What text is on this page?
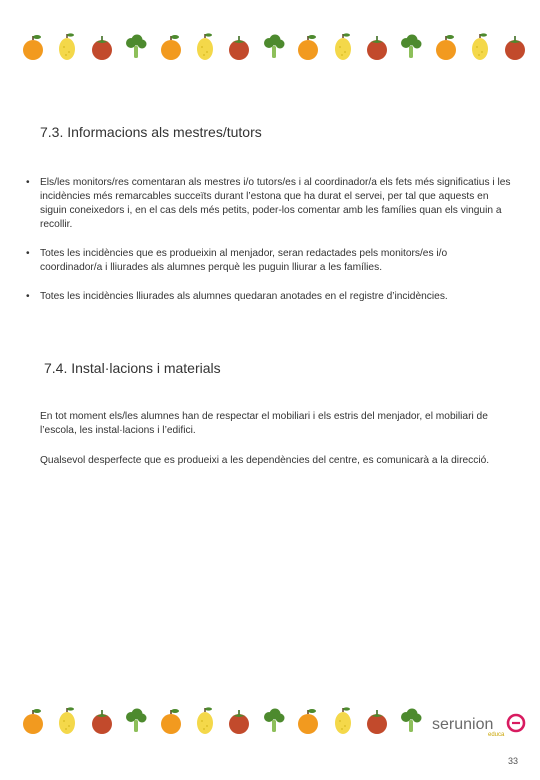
7.3. Informacions als mestres/tutors
• Els/les monitors/res comentaran als mestres i/o tutors/es i al coordinador/a els fets més significatius i les incidències més remarcables succeïts durant l’estona que ha durat el servei, per tal que aquests en siguin coneixedors i, en el cas dels més petits, poder-los comentar amb les famílies quan els vinguin a recollir.
• Totes les incidències que es produeixin al menjador, seran redactades pels monitors/es i/o coordinador/a i lliurades als alumnes perquè les puguin lliurar a les famílies.
• Totes les incidències lliurades als alumnes quedaran anotades en el registre d’incidències.
7.4. Instal·lacions i materials

En tot moment els/les alumnes han de respectar el mobiliari i els estris del menjador, el mobiliari de l’escola, les instal·lacions i l’edifici.

Qualsevol desperfecte que es produeixi a les dependències del centre, es comunicarà a la direcció.

serunion
educa
33
